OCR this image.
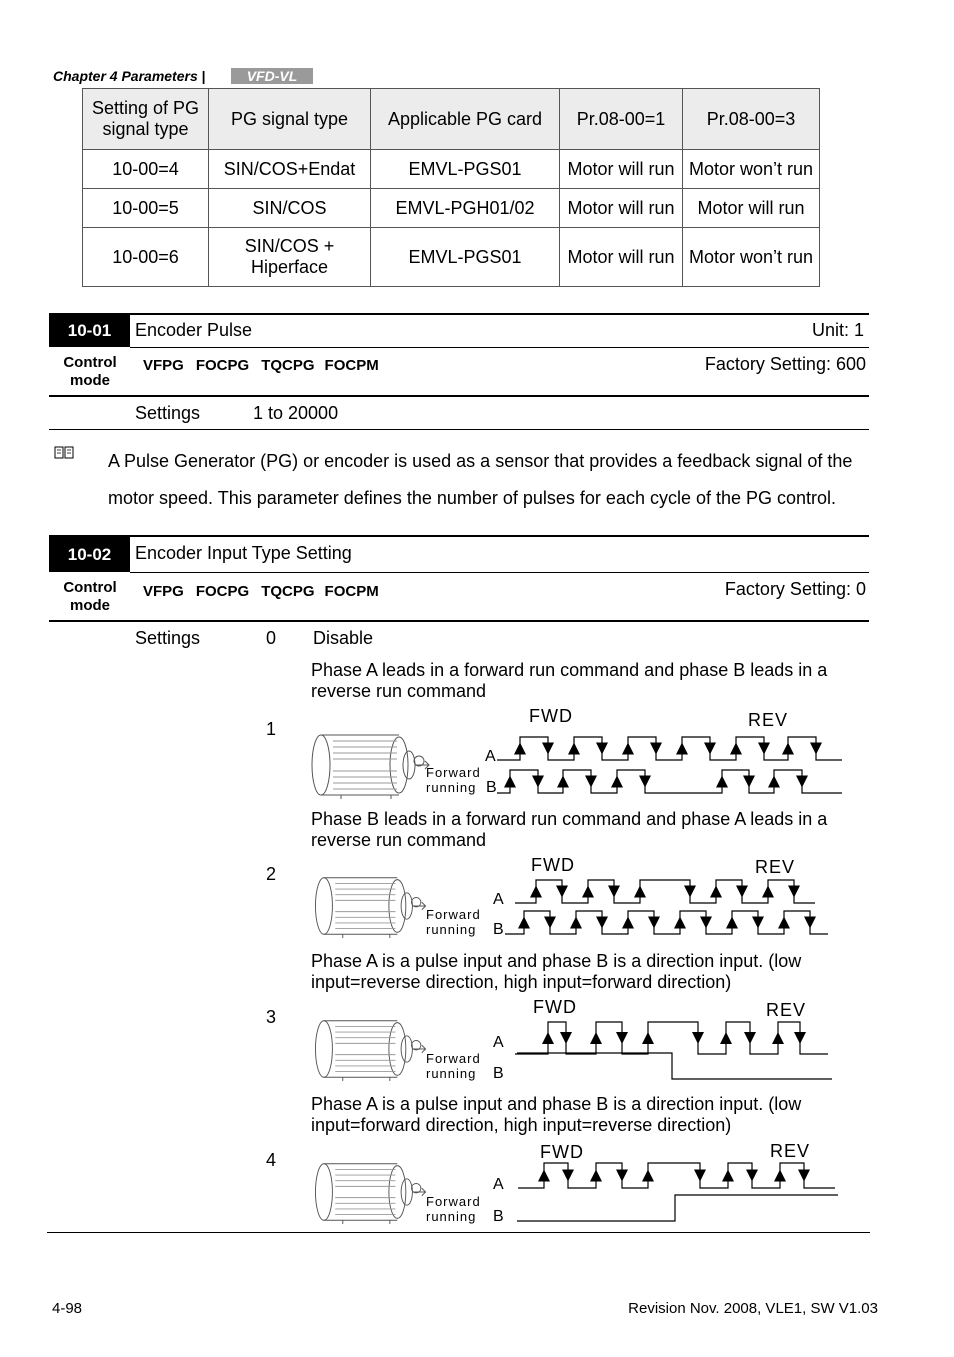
Chapter 4 Parameters |	VFD-VL
Setting of PG signal type	PG signal type	Applicable PG card	Pr.08-00=1	Pr.08-00=3
10-00=4	SIN/COS+Endat	EMVL-PGS01	Motor will run	Motor won’t run
10-00=5	SIN/COS	EMVL-PGH01/02	Motor will run	Motor will run
10-00=6	SIN/COS + Hiperface	EMVL-PGS01	Motor will run	Motor won’t run
10-01	Encoder Pulse	Unit: 1
Control mode
VFPG FOCPG TQCPG FOCPM	Factory Setting: 600
Settings	1 to 20000
A Pulse Generator (PG) or encoder is used as a sensor that provides a feedback signal of the motor speed. This parameter defines the number of pulses for each cycle of the PG control.
10-02	Encoder Input Type Setting
Control mode
VFPG FOCPG TQCPG FOCPM	Factory Setting: 0
Settings	0 Disable
Phase A leads in a forward run command and phase B leads in a reverse run command
1
Phase B leads in a forward run command and phase A leads in a reverse run command
2
Phase A is a pulse input and phase B is a direction input. (low input=reverse direction, high input=forward direction)
3
Phase A is a pulse input and phase B is a direction input. (low input=forward direction, high input=reverse direction)
4
FWD	REV
Forward
running
A
B
FWD	REV
Forward
running
A
B
FWD	REV
Forward
running
A
B
FWD	REV
Forward
running
A
B
4-98	Revision Nov. 2008, VLE1, SW V1.03
